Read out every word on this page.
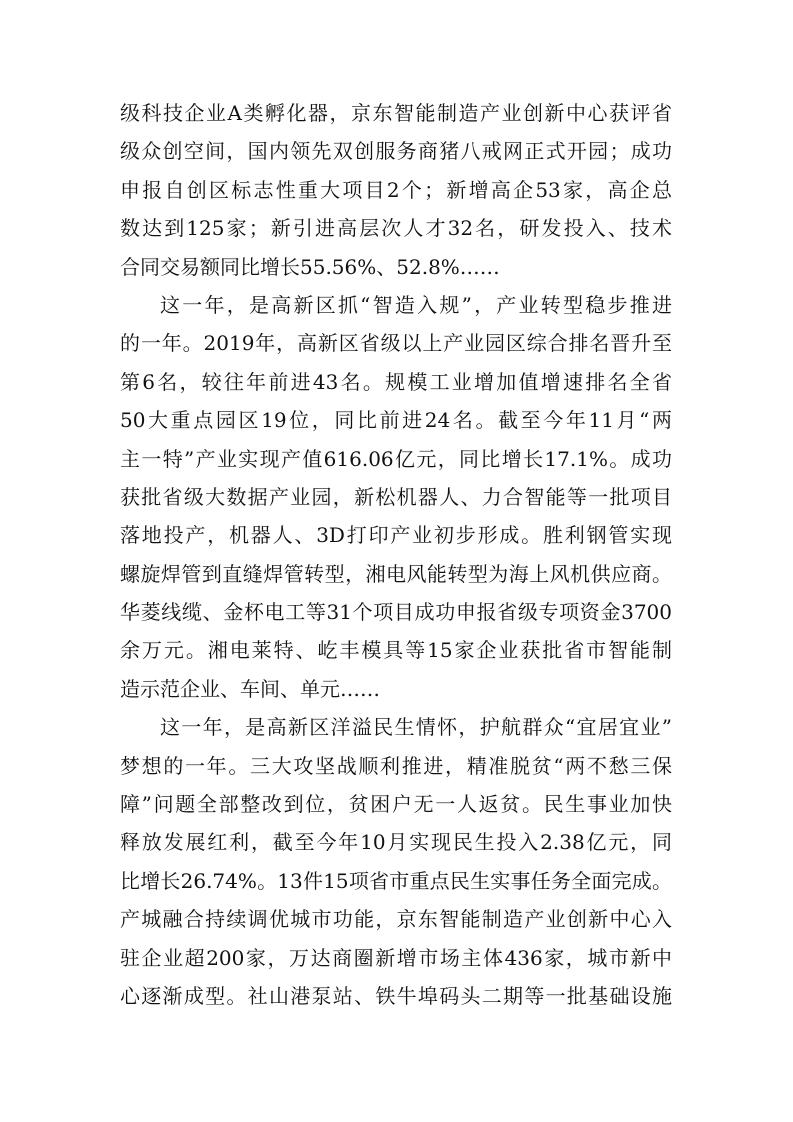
级科技企业A类孵化器，京东智能制造产业创新中心获评省
级众创空间，国内领先双创服务商猪八戒网正式开园；成功
申报自创区标志性重大项目2个；新增高企53家，高企总
数达到125家；新引进高层次人才32名，研发投入、技术
合同交易额同比增长55.56%、52.8%……
这一年，是高新区抓“智造入规”，产业转型稳步推进
的一年。2019年，高新区省级以上产业园区综合排名晋升至
第6名，较往年前进43名。规模工业增加值增速排名全省
50大重点园区19位，同比前进24名。截至今年11月“两
主一特”产业实现产值616.06亿元，同比增长17.1%。成功
获批省级大数据产业园，新松机器人、力合智能等一批项目
落地投产，机器人、3D打印产业初步形成。胜利钢管实现
螺旋焊管到直缝焊管转型，湘电风能转型为海上风机供应商。
华菱线缆、金杯电工等31个项目成功申报省级专项资金3700
余万元。湘电莱特、屹丰模具等15家企业获批省市智能制
造示范企业、车间、单元……
这一年，是高新区洋溢民生情怀，护航群众“宜居宜业”
梦想的一年。三大攻坚战顺利推进，精准脱贫“两不愁三保
障”问题全部整改到位，贫困户无一人返贫。民生事业加快
释放发展红利，截至今年10月实现民生投入2.38亿元，同
比增长26.74%。13件15项省市重点民生实事任务全面完成。
产城融合持续调优城市功能，京东智能制造产业创新中心入
驻企业超200家，万达商圈新增市场主体436家，城市新中
心逐渐成型。社山港泵站、铁牛埠码头二期等一批基础设施
